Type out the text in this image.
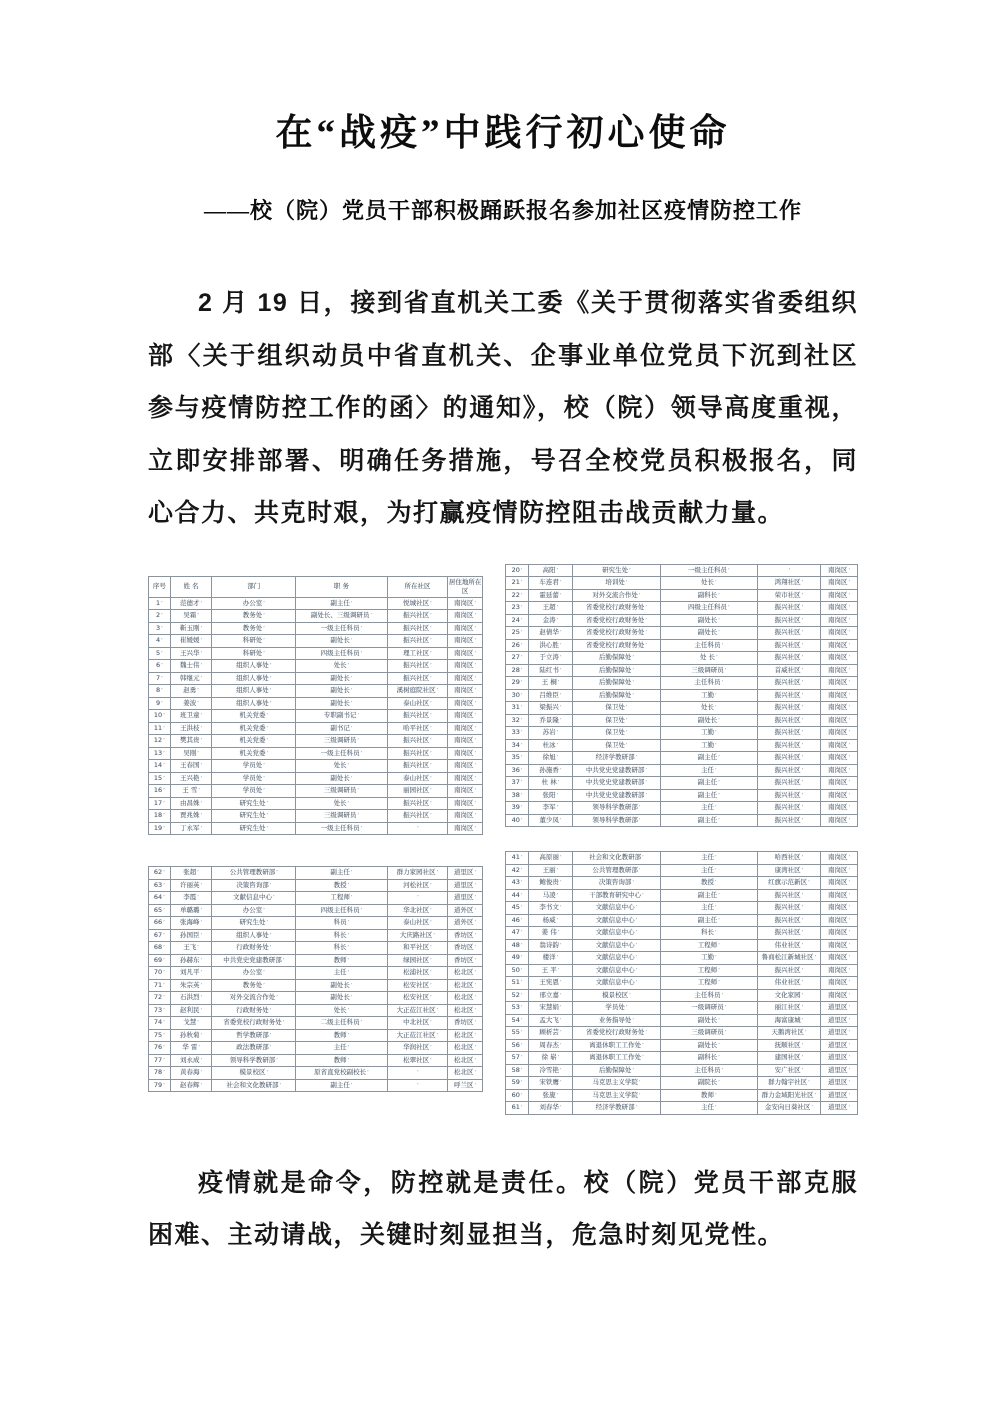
在“战疫”中践行初心使命
——校（院）党员干部积极踊跃报名参加社区疫情防控工作
2 月 19 日，接到省直机关工委《关于贯彻落实省委组织部〈关于组织动员中省直机关、企事业单位党员下沉到社区参与疫情防控工作的函〉的通知》，校（院）领导高度重视，立即安排部署、明确任务措施，号召全校党员积极报名，同心合力、共克时艰，为打赢疫情防控阻击战贡献力量。
序号	姓 名	部门	职 务	所在社区	居住地所在区
1 ’	范德才 ’	办公室 ’	副主任 ’	悦城社区 ’	南岗区 ’
2 ’	吴霜 ’	教务处 ’	副处长、三级调研员 ’	振兴社区 ’	南岗区 ’
3 ’	靳玉刚 ’	教务处 ’	一级主任科员 ’	振兴社区 ’	南岗区 ’
4 ’	崔媛媛 ’	科研处 ’	副处长 ’	振兴社区 ’	南岗区 ’
5 ’	王兴华 ’	科研处 ’	四级主任科员 ’	理工社区 ’	南岗区 ’
6 ’	魏士伟 ’	组织人事处 ’	处长 ’	振兴社区 ’	南岗区 ’
7 ’	韩继元 ’	组织人事处 ’	副处长 ’	振兴社区 ’	南岗区 ’
8 ’	赵勇 ’	组织人事处 ’	副处长 ’	溪树庭院社区 ’	南岗区 ’
9 ’	姜波 ’	组织人事处 ’	副处长 ’	泰山社区 ’	南岗区 ’
10 ’	班卫童 ’	机关党委 ’	专职副书记 ’	振兴社区 ’	南岗区 ’
11 ’	王洪枝 ’	机关党委 ’	副书记 ’	哈平社区 ’	南岗区 ’
12 ’	樊其贵 ’	机关党委 ’	三级调研员 ’	振兴社区 ’	南岗区 ’
13 ’	吴刚 ’	机关党委 ’	一级主任科员 ’	振兴社区 ’	南岗区 ’
14 ’	王春国 ’	学员处 ’	处长 ’	振兴社区 ’	南岗区 ’
15 ’	王兴艳 ’	学员处 ’	副处长 ’	泰山社区 ’	南岗区 ’
16 ’	王 雪 ’	学员处 ’	三级调研员 ’	丽园社区 ’	南岗区 ’
17 ’	由昌姝 ’	研究生处 ’	处长 ’	振兴社区 ’	南岗区 ’
18 ’	贾兆姝 ’	研究生处 ’	三级调研员 ’	振兴社区 ’	南岗区 ’
19 ’	丁永军 ’	研究生处 ’	一级主任科员 ’	’	南岗区 ’
20 ’	高阳 ’	研究生处 ’	一级主任科员 ’	’	南岗区 ’
21 ’	车连君 ’	培训处 ’	处长 ’	鸿翔社区 ’	南岗区 ’
22 ’	霍延蕾 ’	对外交流合作处 ’	副科长 ’	荣市社区 ’	南岗区 ’
23 ’	王超 ’	省委党校行政财务处 ’	四级主任科员 ’	振兴社区 ’	南岗区 ’
24 ’	金涛 ’	省委党校行政财务处 ’	副处长 ’	振兴社区 ’	南岗区 ’
25 ’	赵倩华 ’	省委党校行政财务处 ’	副处长 ’	振兴社区 ’	南岗区 ’
26 ’	洪心胜 ’	省委党校行政财务处 ’	主任科员 ’	振兴社区 ’	南岗区 ’
27 ’	于立涛 ’	后勤保障处 ’	处 长 ’	振兴社区 ’	南岗区 ’
28 ’	陆红书 ’	后勤保障处 ’	三级调研员 ’	首威社区 ’	南岗区 ’
29 ’	王 桐 ’	后勤保障处 ’	主任科员 ’	振兴社区 ’	南岗区 ’
30 ’	吕维臣 ’	后勤保障处 ’	工勤 ’	振兴社区 ’	南岗区 ’
31 ’	梁振兴 ’	保卫处 ’	处长 ’	振兴社区 ’	南岗区 ’
32 ’	乔景隆 ’	保卫处 ’	副处长 ’	振兴社区 ’	南岗区 ’
33 ’	苏岩 ’	保卫处 ’	工勤 ’	振兴社区 ’	南岗区 ’
34 ’	杜冰 ’	保卫处 ’	工勤 ’	振兴社区 ’	南岗区 ’
35 ’	徐旭 ’	经济学教研部 ’	副主任 ’	振兴社区 ’	南岗区 ’
36 ’	孙施香 ’	中共党史党建教研部 ’	主任 ’	振兴社区 ’	南岗区 ’
37 ’	杜 林 ’	中共党史党建教研部 ’	副主任 ’	振兴社区 ’	南岗区 ’
38 ’	张阳 ’	中共党史党建教研部 ’	副主任 ’	振兴社区 ’	南岗区 ’
39 ’	李军 ’	领导科学教研部 ’	主任 ’	振兴社区 ’	南岗区 ’
40 ’	董少凤 ’	领导科学教研部 ’	副主任 ’	振兴社区 ’	南岗区 ’
62 ’	张超 ’	公共管理教研部 ’	副主任 ’	群力家园社区 ’	道里区 ’
63 ’	许丽英 ’	决策咨询部 ’	教授 ’	河松社区 ’	道里区 ’
64 ’	李霞 ’	文献信息中心 ’	工程师 ’	’	道里区 ’
65 ’	单璐璐 ’	办公室 ’	四级主任科员 ’	华北社区 ’	道外区 ’
66 ’	张海峰 ’	研究生处 ’	科员 ’	泰山社区 ’	道外区 ’
67 ’	孙国臣 ’	组织人事处 ’	科长 ’	大庆路社区 ’	香坊区 ’
68 ’	王飞 ’	行政财务处 ’	科长 ’	和平社区 ’	香坊区 ’
69 ’	孙赫东 ’	中共党史党建教研部 ’	教师 ’	绿园社区 ’	香坊区 ’
70 ’	刘凡平 ’	办公室 ’	主任 ’	松浦社区 ’	松北区 ’
71 ’	朱宗英 ’	教务处 ’	副处长 ’	松安社区 ’	松北区 ’
72 ’	石洪烈 ’	对外交流合作处 ’	副处长 ’	松安社区 ’	松北区 ’
73 ’	赵利民 ’	行政财务处 ’	处长 ’	大正莅江社区 ’	松北区 ’
74 ’	戈慧 ’	省委党校行政财务处 ’	二级主任科员 ’	中北社区 ’	香坊区 ’
75 ’	孙秋菊 ’	哲学教研部 ’	教师 ’	大正莅江社区 ’	松北区 ’
76 ’	华 雷 ’	政法教研部 ’	主任 ’	华润社区 ’	松北区 ’
77 ’	刘永成 ’	领导科学教研部 ’	教师 ’	松翠社区 ’	松北区 ’
78 ’	黄春海 ’	模景校区 ’	原省直党校副校长 ’	’	松北区 ’
79 ’	赵春辉 ’	社会和文化教研部 ’	副主任 ’	’	呼兰区 ’
41 ’	高原丽 ’	社会和文化教研部 ’	主任 ’	哈西社区 ’	南岗区 ’
42 ’	王丽 ’	公共管理教研部 ’	主任 ’	康湾社区 ’	南岗区 ’
43 ’	鲍俊贵 ’	决策咨询部 ’	教授 ’	红旗示范新区 ’	南岗区 ’
44 ’	马凌 ’	干部教育研究中心 ’	副主任 ’	振兴社区 ’	南岗区 ’
45 ’	李书文 ’	文献信息中心 ’	主任 ’	振兴社区 ’	南岗区 ’
46 ’	杨威 ’	文献信息中心 ’	副主任 ’	振兴社区 ’	南岗区 ’
47 ’	姜 伟 ’	文献信息中心 ’	科长 ’	振兴社区 ’	南岗区 ’
48 ’	翁诗韵 ’	文献信息中心 ’	工程师 ’	伟业社区 ’	南岗区 ’
49 ’	楼洋 ’	文献信息中心 ’	工勤 ’	鲁商松江新城社区 ’	南岗区 ’
50 ’	王 平 ’	文献信息中心 ’	工程师 ’	振兴社区 ’	南岗区 ’
51 ’	王宪恩 ’	文献信息中心 ’	工程师 ’	伟业社区 ’	南岗区 ’
52 ’	邢立嘉 ’	模景校区 ’	主任科员 ’	文化家园 ’	南岗区 ’
53 ’	宋慧娟 ’	学员处 ’	一级调研员 ’	丽江社区 ’	道里区 ’
54 ’	孟大飞 ’	业务指导处 ’	副处长 ’	海富康城 ’	道里区 ’
55 ’	顾析芸 ’	省委党校行政财务处 ’	三级调研员 ’	天鹅湾社区 ’	道里区 ’
56 ’	周春杰 ’	离退休职工工作处 ’	副处长 ’	抚顺社区 ’	道里区 ’
57 ’	徐 崭 ’	离退休职工工作处 ’	副科长 ’	建国社区 ’	道里区 ’
58 ’	冷雪艳 ’	后勤保障处 ’	主任科员 ’	安广社区 ’	道里区 ’
59 ’	宋铁鹰 ’	马克思主义学院 ’	副院长 ’	群力翰宇社区 ’	道里区 ’
60 ’	张旎 ’	马克思主义学院 ’	教师 ’	群力金域阳光社区 ’	道里区 ’
61 ’	刘春华 ’	经济学教研部 ’	主任 ’	金安向日葵社区 ’	道里区 ’
疫情就是命令，防控就是责任。校（院）党员干部克服困难、主动请战，关键时刻显担当，危急时刻见党性。
